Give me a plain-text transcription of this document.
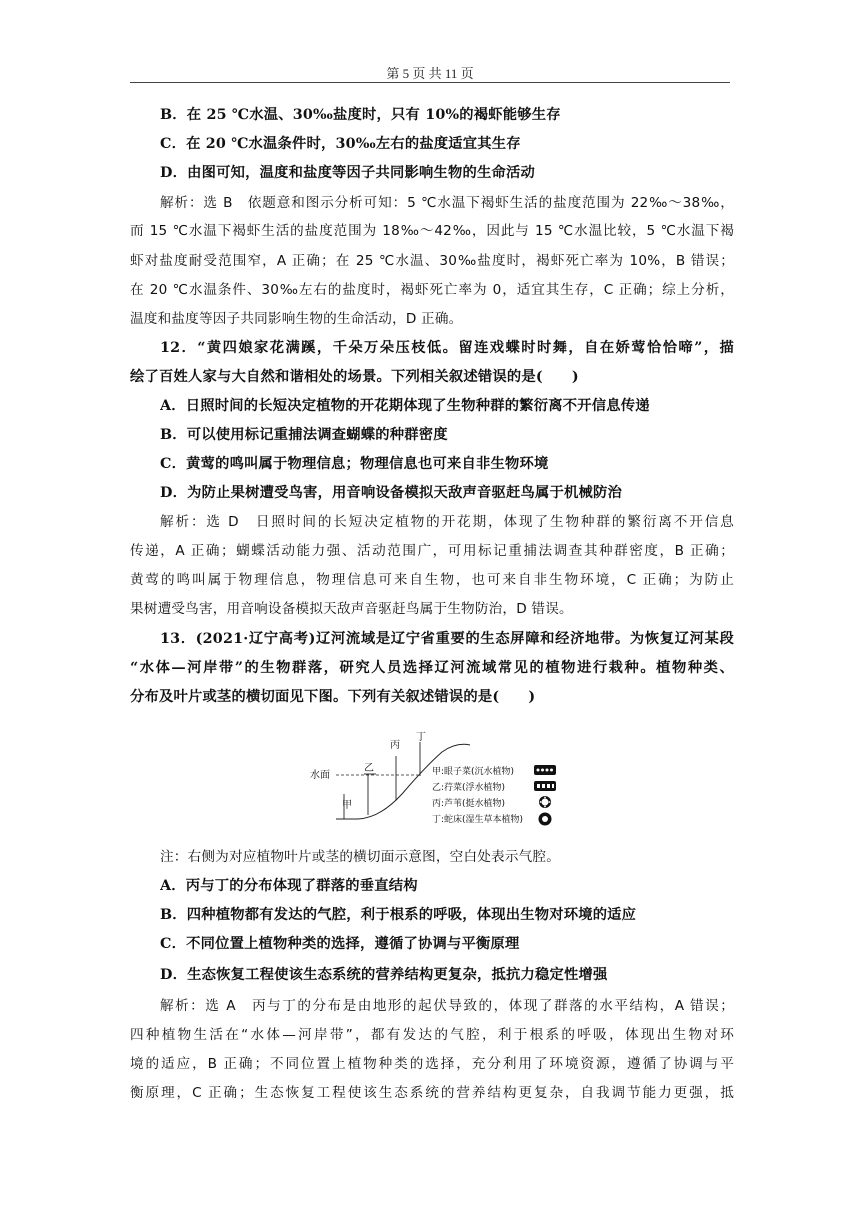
第 5 页 共 11 页
B．在 25 ℃水温、30‰盐度时，只有 10%的褐虾能够生存
C．在 20 ℃水温条件时，30‰左右的盐度适宜其生存
D．由图可知，温度和盐度等因子共同影响生物的生命活动
解析：选 B　依题意和图示分析可知：5 ℃水温下褐虾生活的盐度范围为 22‰～38‰，
而 15 ℃水温下褐虾生活的盐度范围为 18‰～42‰，因此与 15 ℃水温比较，5 ℃水温下褐
虾对盐度耐受范围窄，A 正确；在 25 ℃水温、30‰盐度时，褐虾死亡率为 10%，B 错误；
在 20 ℃水温条件、30‰左右的盐度时，褐虾死亡率为 0，适宜其生存，C 正确；综上分析，
温度和盐度等因子共同影响生物的生命活动，D 正确。
12．“黄四娘家花满蹊，千朵万朵压枝低。留连戏蝶时时舞，自在娇莺恰恰啼”，描
绘了百姓人家与大自然和谐相处的场景。下列相关叙述错误的是(　　)
A．日照时间的长短决定植物的开花期体现了生物种群的繁衍离不开信息传递
B．可以使用标记重捕法调查蝴蝶的种群密度
C．黄莺的鸣叫属于物理信息；物理信息也可来自非生物环境
D．为防止果树遭受鸟害，用音响设备模拟天敌声音驱赶鸟属于机械防治
解析：选 D　日照时间的长短决定植物的开花期，体现了生物种群的繁衍离不开信息
传递，A 正确；蝴蝶活动能力强、活动范围广，可用标记重捕法调查其种群密度，B 正确；
黄莺的鸣叫属于物理信息，物理信息可来自生物，也可来自非生物环境，C 正确；为防止
果树遭受鸟害，用音响设备模拟天敌声音驱赶鸟属于生物防治，D 错误。
13．(2021·辽宁高考)辽河流域是辽宁省重要的生态屏障和经济地带。为恢复辽河某段
“水体—河岸带”的生物群落，研究人员选择辽河流域常见的植物进行栽种。植物种类、
分布及叶片或茎的横切面见下图。下列有关叙述错误的是(　　)
注：右侧为对应植物叶片或茎的横切面示意图，空白处表示气腔。
A．丙与丁的分布体现了群落的垂直结构
B．四种植物都有发达的气腔，利于根系的呼吸，体现出生物对环境的适应
C．不同位置上植物种类的选择，遵循了协调与平衡原理
D．生态恢复工程使该生态系统的营养结构更复杂，抵抗力稳定性增强
解析：选 A　丙与丁的分布是由地形的起伏导致的，体现了群落的水平结构，A 错误；
四种植物生活在“水体—河岸带”，都有发达的气腔，利于根系的呼吸，体现出生物对环
境的适应，B 正确；不同位置上植物种类的选择，充分利用了环境资源，遵循了协调与平
衡原理，C 正确；生态恢复工程使该生态系统的营养结构更复杂，自我调节能力更强，抵
水面
甲
乙
丙
丁
甲:眼子菜(沉水植物)
乙:荇菜(浮水植物)
丙:芦苇(挺水植物)
丁:蛇床(湿生草本植物)
